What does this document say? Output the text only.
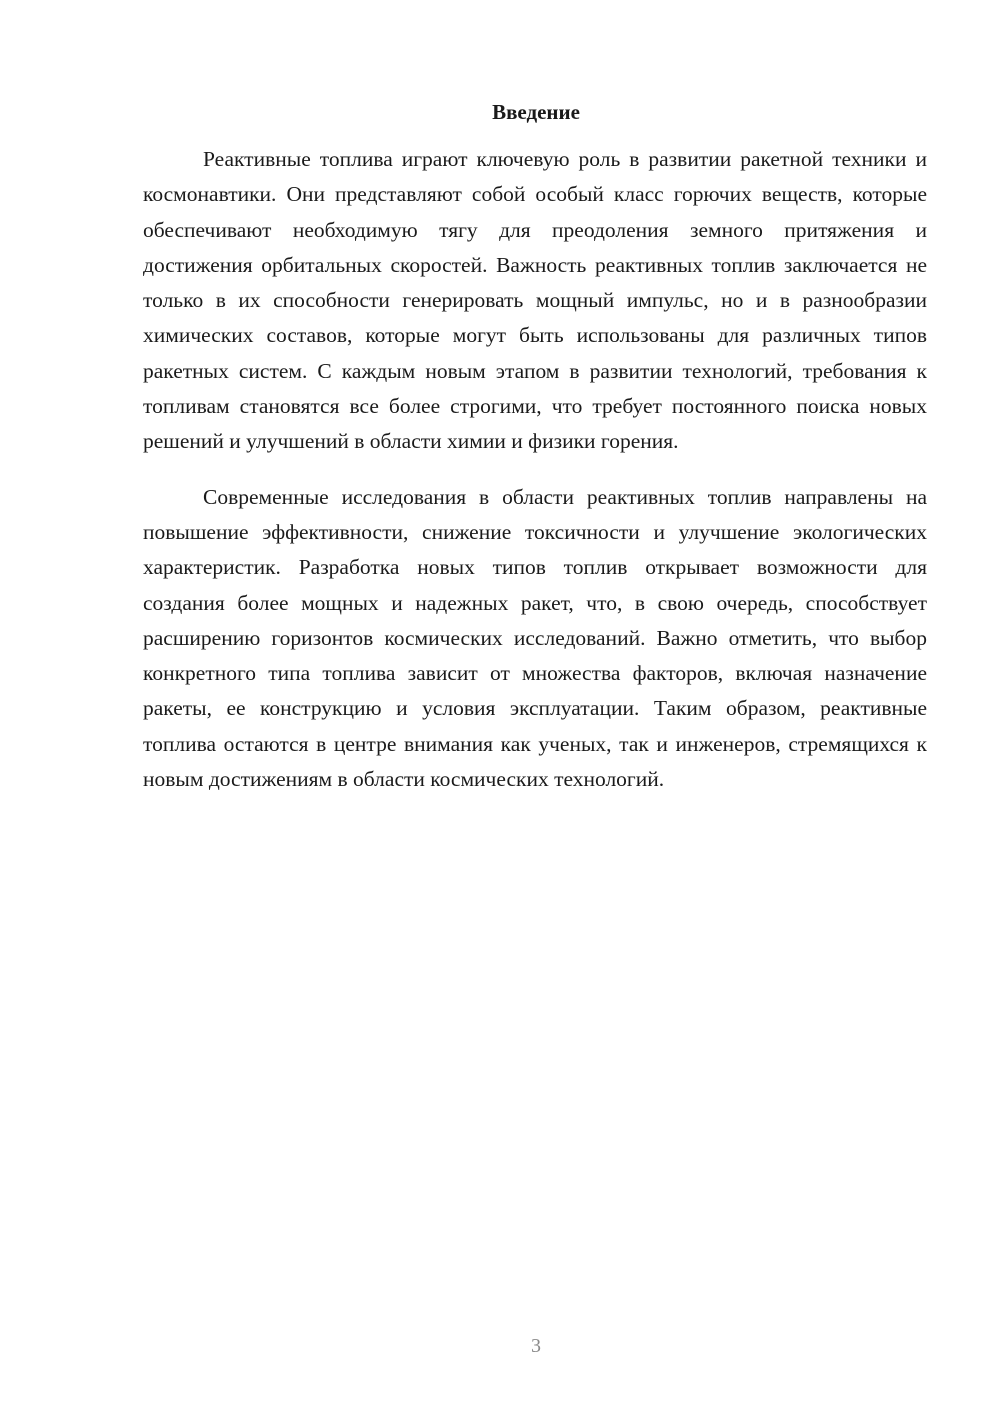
Введение

Реактивные топлива играют ключевую роль в развитии ракетной техники и космонавтики. Они представляют собой особый класс горючих веществ, которые обеспечивают необходимую тягу для преодоления земного притяжения и достижения орбитальных скоростей. Важность реактивных топлив заключается не только в их способности генерировать мощный импульс, но и в разнообразии химических составов, которые могут быть использованы для различных типов ракетных систем. С каждым новым этапом в развитии технологий, требования к топливам становятся все более строгими, что требует постоянного поиска новых решений и улучшений в области химии и физики горения.

Современные исследования в области реактивных топлив направлены на повышение эффективности, снижение токсичности и улучшение экологических характеристик. Разработка новых типов топлив открывает возможности для создания более мощных и надежных ракет, что, в свою очередь, способствует расширению горизонтов космических исследований. Важно отметить, что выбор конкретного типа топлива зависит от множества факторов, включая назначение ракеты, ее конструкцию и условия эксплуатации. Таким образом, реактивные топлива остаются в центре внимания как ученых, так и инженеров, стремящихся к новым достижениям в области космических технологий.

3
